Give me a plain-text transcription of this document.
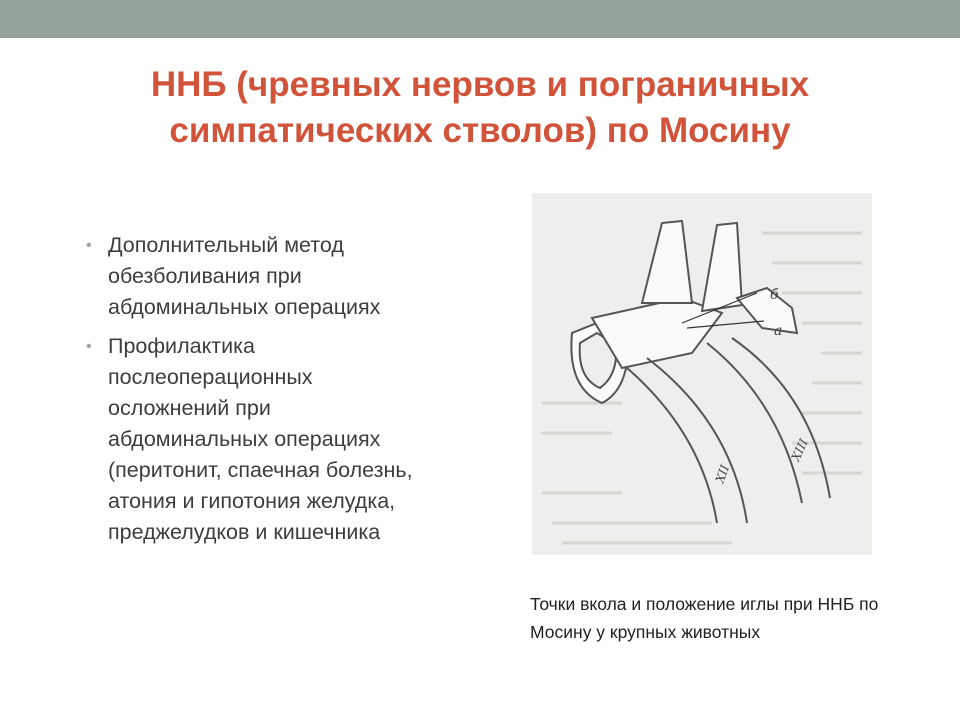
ННБ (чревных нервов и пограничных симпатических стволов) по Мосину
• Дополнительный метод обезболивания при абдоминальных операциях
• Профилактика послеоперационных осложнений при абдоминальных операциях (перитонит, спаечная болезнь, атония и гипотония желудка, преджелудков и кишечника
б
а
XII
XIII
Точки вкола и положение иглы при ННБ по Мосину у крупных животных
